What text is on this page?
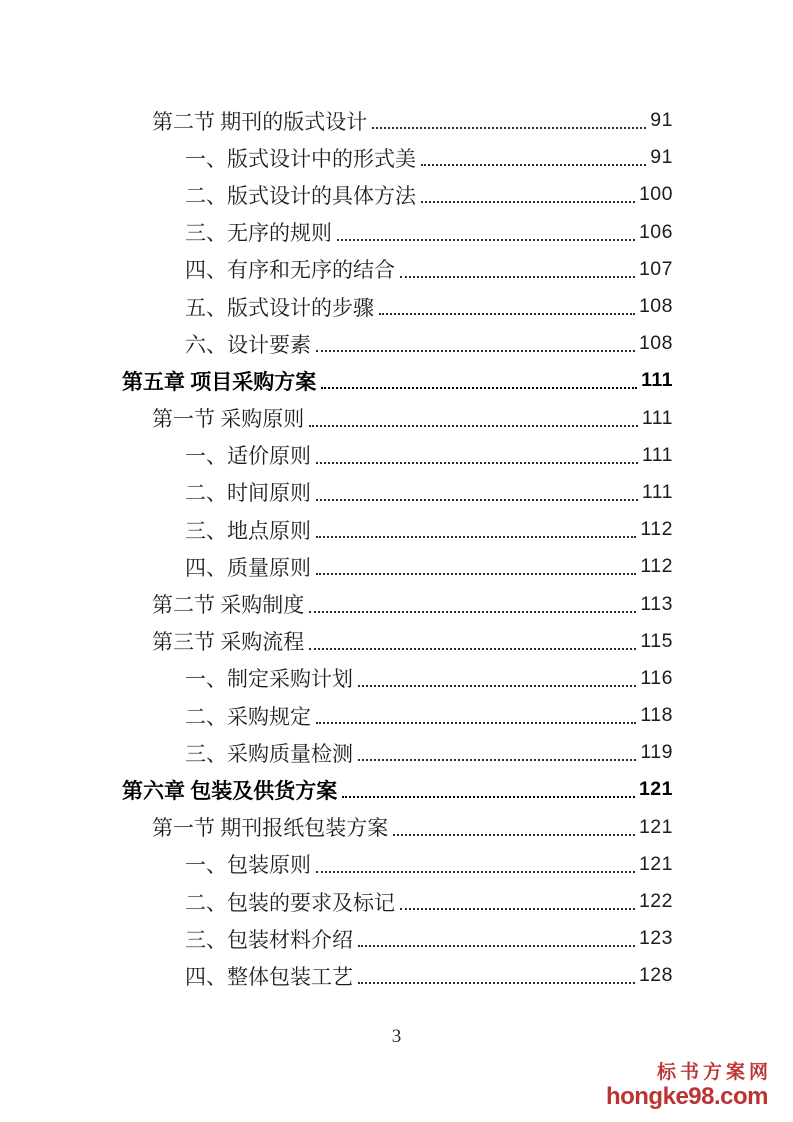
第二节 期刊的版式设计	91
一、版式设计中的形式美	91
二、版式设计的具体方法	100
三、无序的规则	106
四、有序和无序的结合	107
五、版式设计的步骤	108
六、设计要素	108
第五章 项目采购方案	111
第一节 采购原则	111
一、适价原则	111
二、时间原则	111
三、地点原则	112
四、质量原则	112
第二节 采购制度	113
第三节 采购流程	115
一、制定采购计划	116
二、采购规定	118
三、采购质量检测	119
第六章 包装及供货方案	121
第一节 期刊报纸包装方案	121
一、包装原则	121
二、包装的要求及标记	122
三、包装材料介绍	123
四、整体包装工艺	128
3
标书方案网
hongke98.com
